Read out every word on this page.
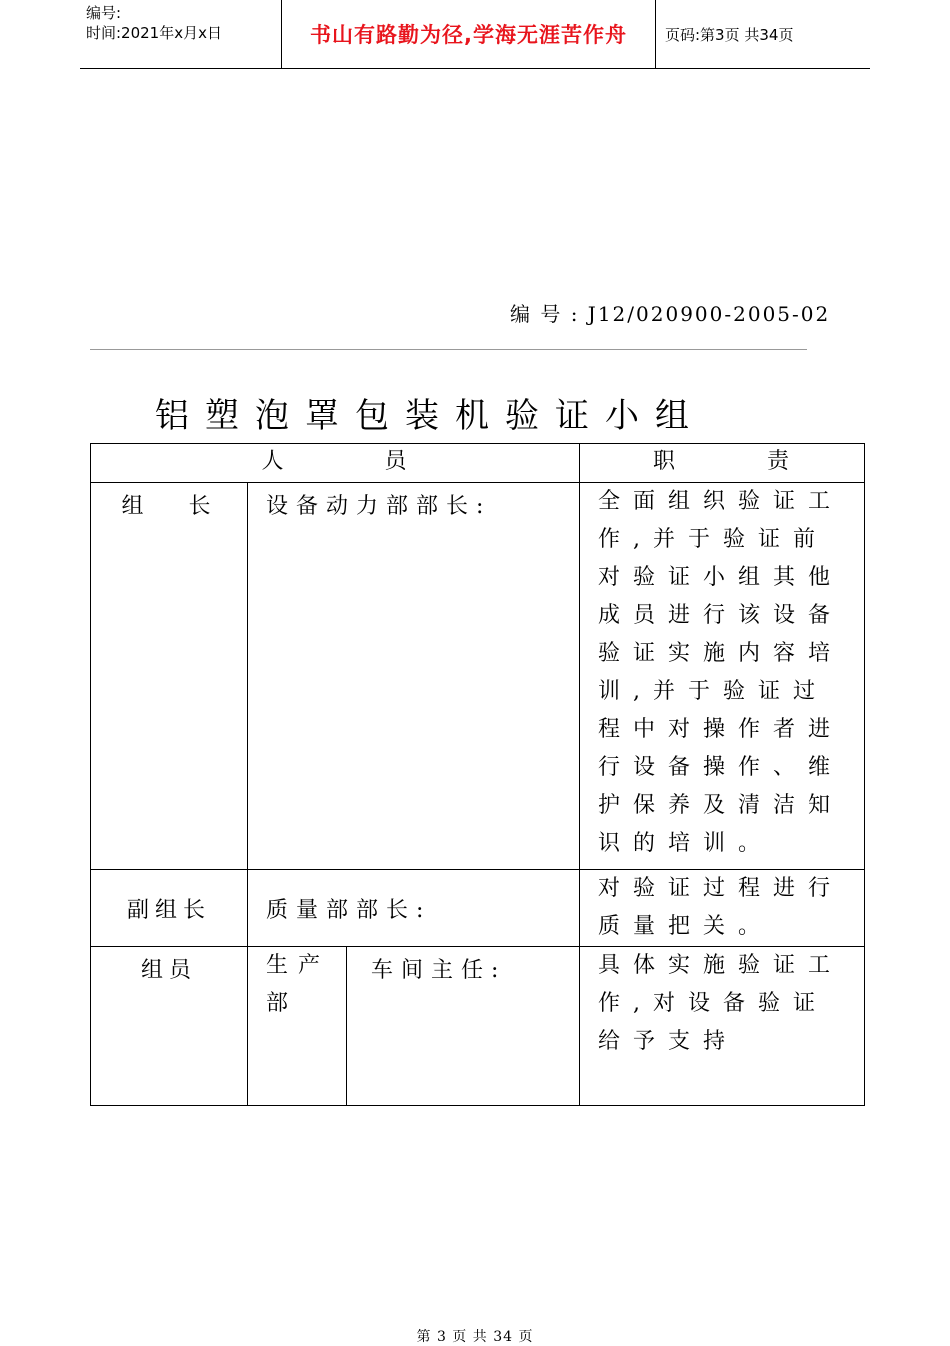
编号:
时间:2021年x月x日	书山有路勤为径,学海无涯苦作舟	页码:第3页 共34页
编 号 : J12/020900-2005-02
铝塑泡罩包装机验证小组
人           员			职          责
组   长	设备动力部部长:		全面组织验证工作,并于验证前对验证小组其他成员进行该设备验证实施内容培训,并于验证过程中对操作者进行设备操作、维护保养及清洁知识的培训。
副组长	质量部部长:		对验证过程进行质量把关。
组员	生产部	车间主任:	具体实施验证工作,对设备验证给予支持
第 3 页 共 34 页
